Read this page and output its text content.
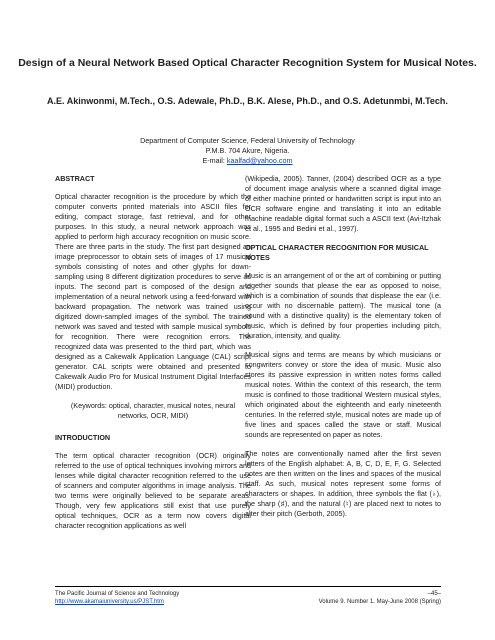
Design of a Neural Network Based Optical Character Recognition System for Musical Notes.
A.E. Akinwonmi, M.Tech., O.S. Adewale, Ph.D., B.K. Alese, Ph.D., and O.S. Adetunmbi, M.Tech.
Department of Computer Science, Federal University of Technology
P.M.B. 704 Akure, Nigeria.
E-mail: kaalfad@yahoo.com
ABSTRACT

Optical character recognition is the procedure by which the computer converts printed materials into ASCII files for editing, compact storage, fast retrieval, and for other purposes. In this study, a neural network approach was applied to perform high accuracy recognition on music score. There are three parts in the study. The first part designed an image preprocessor to obtain sets of images of 17 musical symbols consisting of notes and other glyphs for down-sampling using 8 different digitization procedures to serve as inputs. The second part is composed of the design and implementation of a neural network using a feed-forward with backward propagation. The network was trained using digitized down-sampled images of the symbol. The trained network was saved and tested with sample musical symbols for recognition. There were recognition errors. The recognized data was presented to the third part, which was designed as a Cakewalk Application Language (CAL) script generator. CAL scripts were obtained and presented to Cakewalk Audio Pro for Musical Instrument Digital Interfaces (MIDI) production.

(Keywords: optical, character, musical notes, neural networks, OCR, MIDI)

INTRODUCTION

The term optical character recognition (OCR) originally referred to the use of optical techniques involving mirrors and lenses while digital character recognition referred to the use of scanners and computer algorithms in image analysis. The two terms were originally believed to be separate areas. Though, very few applications still exist that use purely optical techniques, OCR as a term now covers digital character recognition applications as well

(Wikipedia, 2005). Tanner, (2004) described OCR as a type of document image analysis where a scanned digital image of either machine printed or handwritten script is input into an OCR software engine and translating it into an editable machine readable digital format such a ASCII text (Avi-Itzhak et al., 1995 and Bedini et al., 1997).

OPTICAL CHARACTER RECOGNITION FOR MUSICAL NOTES

Music is an arrangement of or the art of combining or putting together sounds that please the ear as opposed to noise, which is a combination of sounds that displease the ear (i.e. occur with no discernable pattern). The musical tone (a sound with a distinctive quality) is the elementary token of music, which is defined by four properties including pitch, duration, intensity, and quality.

Musical signs and terms are means by which musicians or songwriters convey or store the idea of music. Music also stores its passive expression in written notes forms called musical notes. Within the context of this research, the term music is confined to those traditional Western musical styles, which originated about the eighteenth and early nineteenth centuries. In the referred style, musical notes are made up of five lines and spaces called the stave or staff. Musical sounds are represented on paper as notes.

The notes are conventionally named after the first seven letters of the English alphabet: A, B, C, D, E, F, G. Selected notes are then written on the lines and spaces of the musical staff. As such, musical notes represent some forms of characters or shapes. In addition, three symbols the flat (♭), the sharp (♯), and the natural (♮) are placed next to notes to alter their pitch (Gerboth, 2005).

The Pacific Journal of Science and Technology
http://www.akamaiuniversity.us/PJST.htm
–45–
Volume 9. Number 1. May-June 2008 (Spring)
